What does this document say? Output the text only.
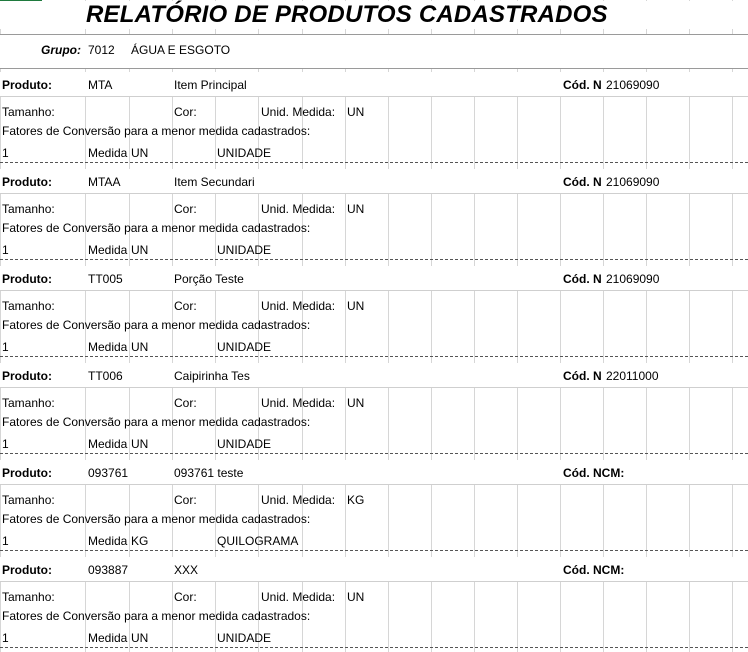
RELATÓRIO DE PRODUTOS CADASTRADOS
Grupo: 7012 ÁGUA E ESGOTO
Produto:	MTA	Item Principal	Cód. N 21069090
Tamanho:	Cor:	Unid. Medida: UN
Fatores de Conversão para a menor medida cadastrados:
1	Medida UN	UNIDADE
Produto:	MTAA	Item Secundari	Cód. N 21069090
Tamanho:	Cor:	Unid. Medida: UN
Fatores de Conversão para a menor medida cadastrados:
1	Medida UN	UNIDADE
Produto:	TT005	Porção Teste	Cód. N 21069090
Tamanho:	Cor:	Unid. Medida: UN
Fatores de Conversão para a menor medida cadastrados:
1	Medida UN	UNIDADE
Produto:	TT006	Caipirinha Tes	Cód. N 22011000
Tamanho:	Cor:	Unid. Medida: UN
Fatores de Conversão para a menor medida cadastrados:
1	Medida UN	UNIDADE
Produto:	093761	093761 teste	Cód. NCM:
Tamanho:	Cor:	Unid. Medida: KG
Fatores de Conversão para a menor medida cadastrados:
1	Medida KG	QUILOGRAMA
Produto:	093887	XXX	Cód. NCM:
Tamanho:	Cor:	Unid. Medida: UN
Fatores de Conversão para a menor medida cadastrados:
1	Medida UN	UNIDADE
